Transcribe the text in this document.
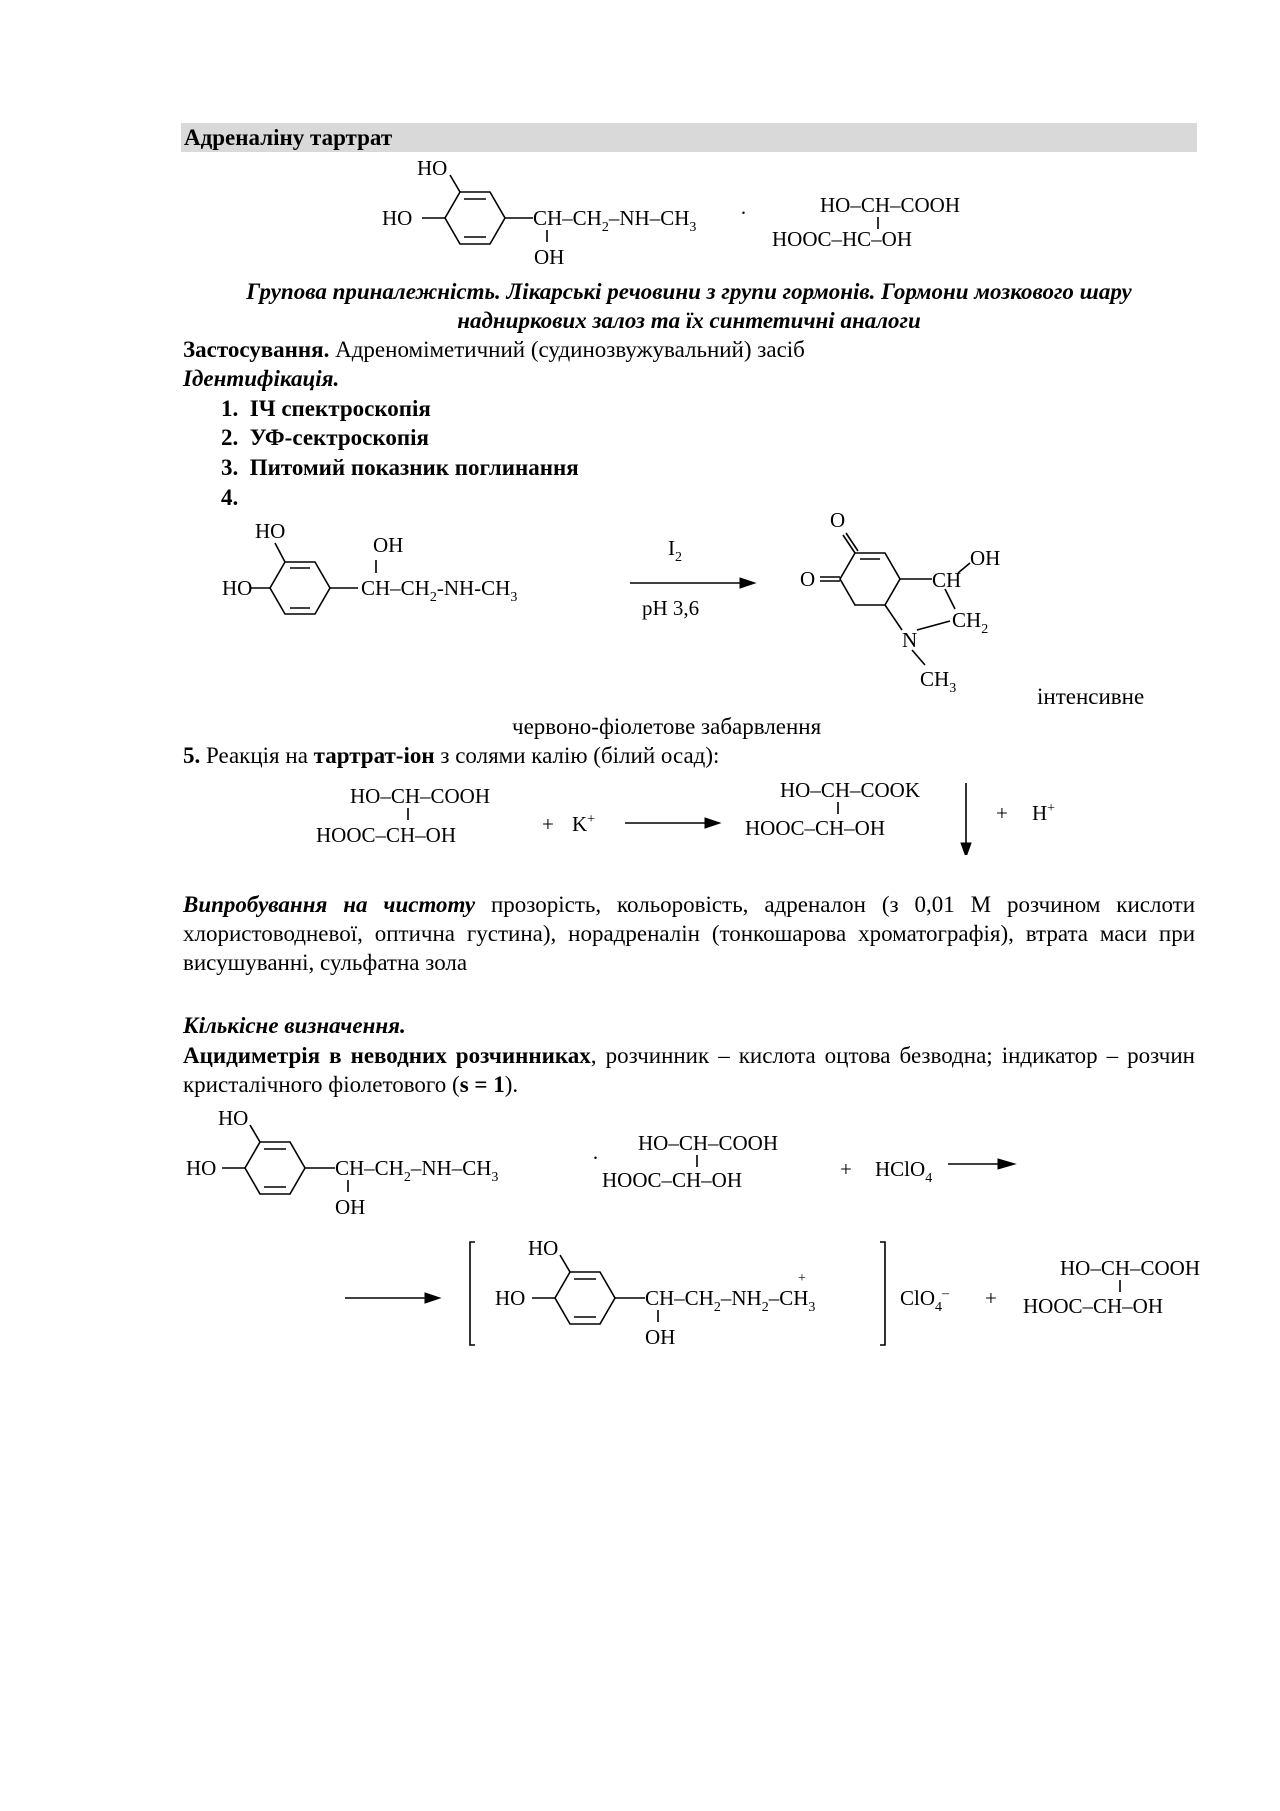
Адреналіну тартрат
HO
HO	$CH-CH_2-NH-CH_3$
OH
·	HO–CH–COOH
HOOC–HC–OH
Групова приналежність. Лікарські речовини з групи гормонів. Гормони мозкового шару
надниркових залоз та їх синтетичні аналоги
Застосування. Адреноміметичний (судинозвужувальний) засіб
Ідентифікація.
1. ІЧ спектроскопія
2. УФ-сектроскопія
3. Питомий показник поглинання
4.
HO
HO
OH
$CH-CH_2-NH-CH_3$
$I_2$
pH 3,6
O
O	CH
OH
$CH_2$
N
$CH_3$	інтенсивне
червоно-фіолетове забарвлення
5. Реакція на тартрат-іон з солями калію (білий осад):
HO–CH–COOH
HOOC–CH–OH	+ K+
HO–CH–COOK
HOOC–CH–OH
+ H+
Випробування на чистоту прозорість, кольоровість, адреналон (з 0,01 М розчином кислоти хлористоводневої, оптична густина), норадреналін (тонкошарова хроматографія), втрата маси при висушуванні, сульфатна зола
Кількісне визначення.
Ацидиметрія в неводних розчинниках, розчинник – кислота оцтова безводна; індикатор – розчин кристалічного фіолетового (s = 1).
HO
HO	$CH-CH_2-NH-CH_3$
OH
·
HO–CH–COOH
HOOC–CH–OH	+ HClO$_4$
HO
HO	$CH-CH_2-NH_2-CH_3$
+
OH
ClO$_4$– +
HO–CH–COOH
HOOC–CH–OH
